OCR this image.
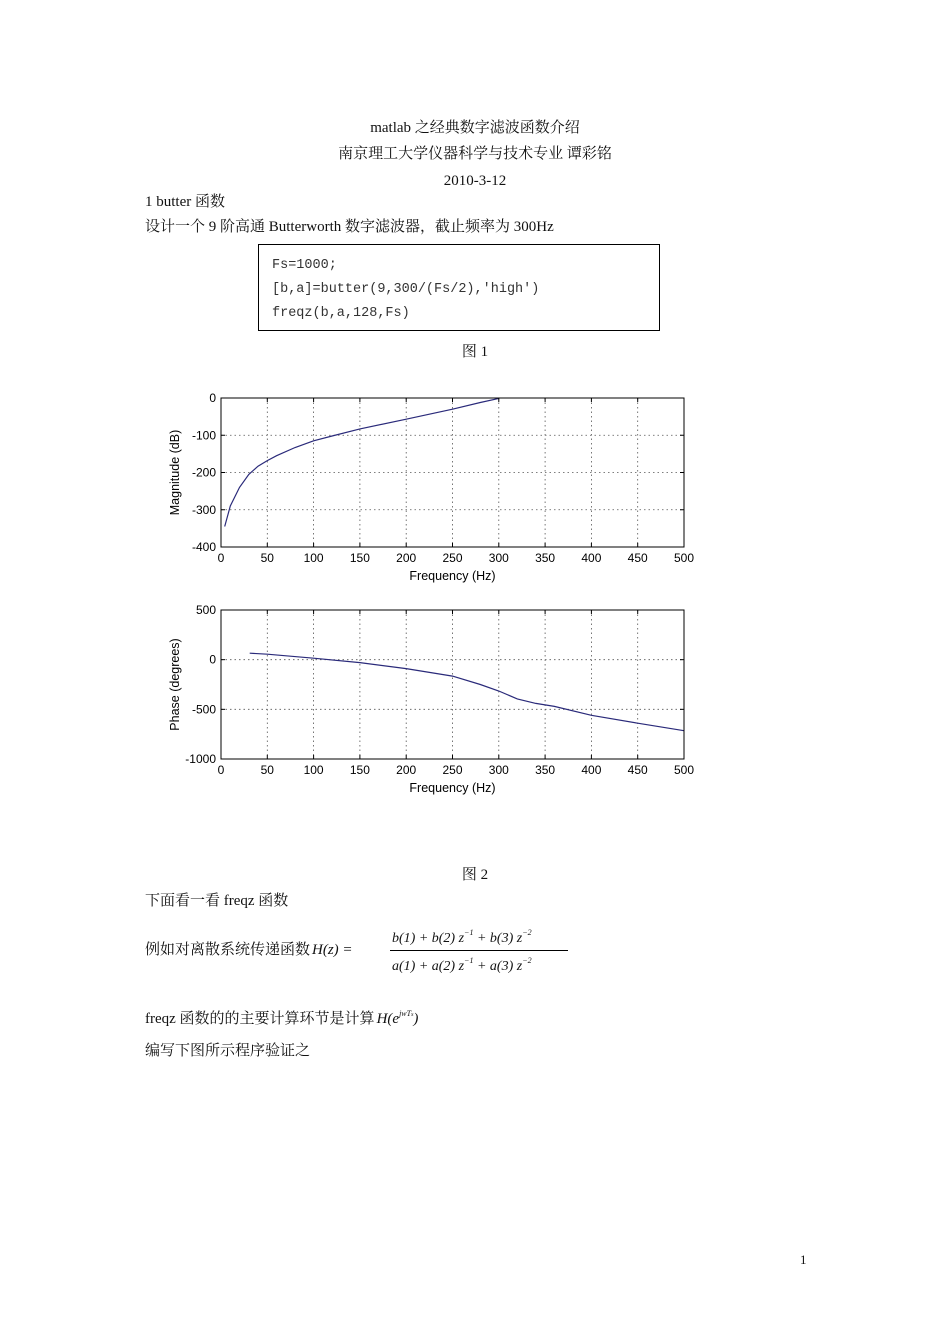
matlab 之经典数字滤波函数介绍
南京理工大学仪器科学与技术专业 谭彩铭
2010-3-12
1 butter 函数
设计一个 9 阶高通 Butterworth 数字滤波器，截止频率为 300Hz
Fs=1000;
[b,a]=butter(9,300/(Fs/2),'high')
freqz(b,a,128,Fs)
图 1
0	50 100 150 200 250 300 350 400 450 500
0
-100
-200
-300
-400
Frequency (Hz)
Magnitude (dB)
0	50 100 150 200 250 300 350 400 450 500
500
0
-500
-1000
Frequency (Hz)
Phase (degrees)
图 2
下面看一看 freqz 函数
例如对离散系统传递函数 H(z) =
b(1) + b(2) $z^{-1} + b(3)$ $z^{-2}$
a(1) + a(2) $z^{-1} + a(3)$ $z^{-2}$
freqz 函数的的主要计算环节是计算 $H(e^{jwTs})$
编写下图所示程序验证之
1
